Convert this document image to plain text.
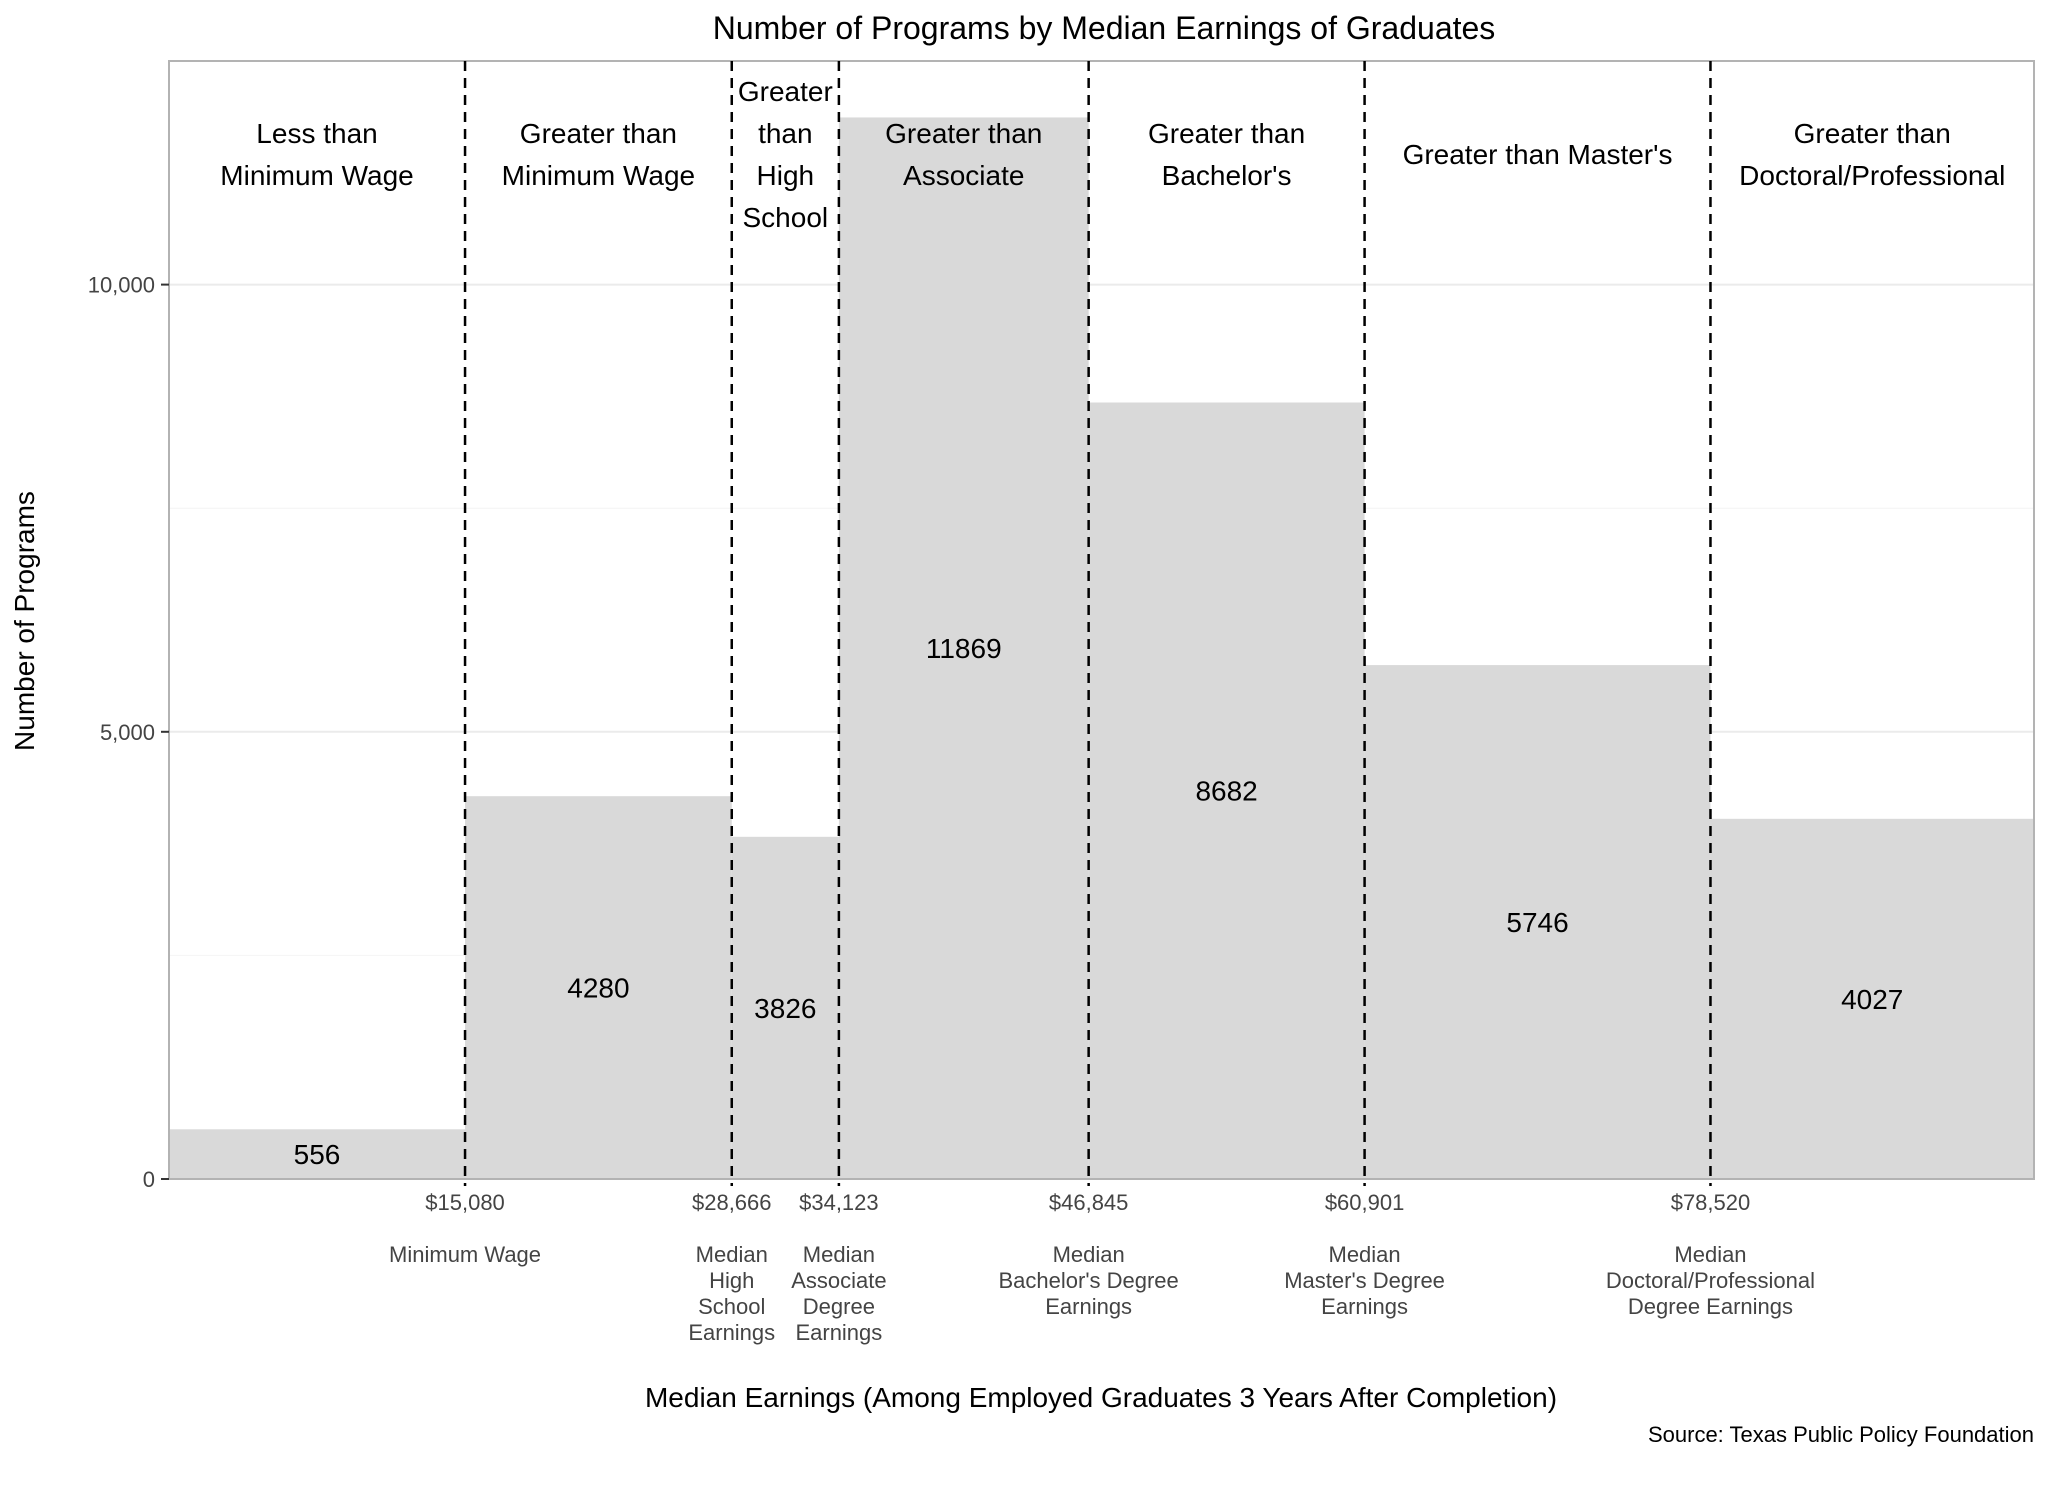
Number of Programs by Median Earnings of Graduates
556
4280
3826
11869
8682
5746
4027
Less than Minimum Wage
Greater than Minimum Wage
Greater than High School
Greater than Associate
Greater than Bachelor's
Greater than Master's
Greater than Doctoral/Professional
0
5,000
10,000
$15,080
Minimum Wage
$28,666
Median High School Earnings
$34,123
Median Associate Degree Earnings
$46,845
Median Bachelor's Degree Earnings
$60,901
Median Master's Degree Earnings
$78,520
Median Doctoral/Professional Degree Earnings
Median Earnings (Among Employed Graduates 3 Years After Completion)
Number of Programs
Source: Texas Public Policy Foundation
